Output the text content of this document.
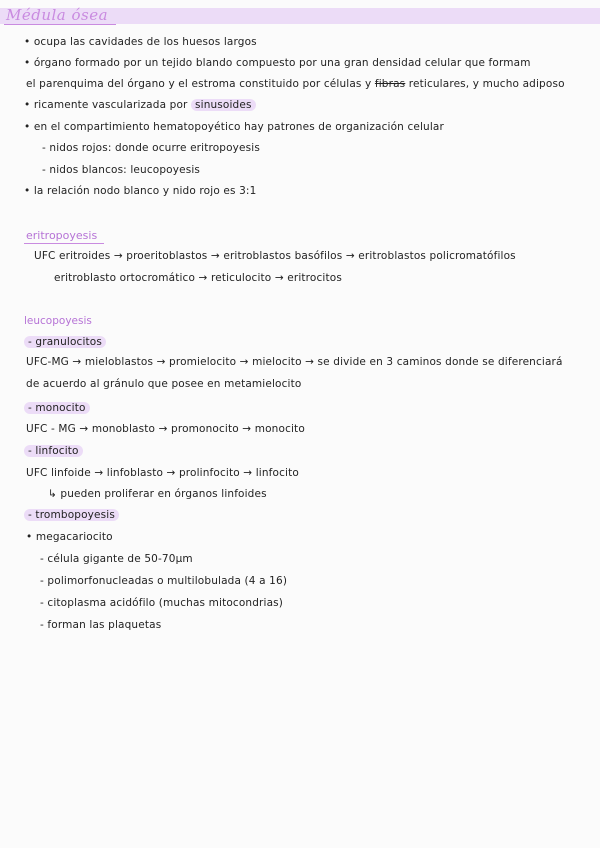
Médula ósea
• ocupa las cavidades de los huesos largos
• órgano formado por un tejido blando compuesto por una gran densidad celular que formam
el parenquima del órgano y el estroma constituido por células y fibras reticulares, y mucho adiposo
• ricamente vascularizada por sinusoides
• en el compartimiento hematopoyético hay patrones de organización celular
- nidos rojos: donde ocurre eritropoyesis
- nidos blancos: leucopoyesis
• la relación nodo blanco y nido rojo es 3:1
eritropoyesis
UFC eritroides → proeritoblastos → eritroblastos basófilos → eritroblastos policromatófilos
eritroblasto ortocromático → reticulocito → eritrocitos
leucopoyesis
- granulocitos
UFC-MG → mieloblastos → promielocito → mielocito → se divide en 3 caminos donde se diferenciará
de acuerdo al gránulo que posee en metamielocito
- monocito
UFC - MG → monoblasto → promonocito → monocito
- linfocito
UFC linfoide → linfoblasto → prolinfocito → linfocito
↳ pueden proliferar en órganos linfoides
- trombopoyesis
• megacariocito
- célula gigante de 50-70μm
- polimorfonucleadas o multilobulada (4 a 16)
- citoplasma acidófilo (muchas mitocondrias)
- forman las plaquetas
